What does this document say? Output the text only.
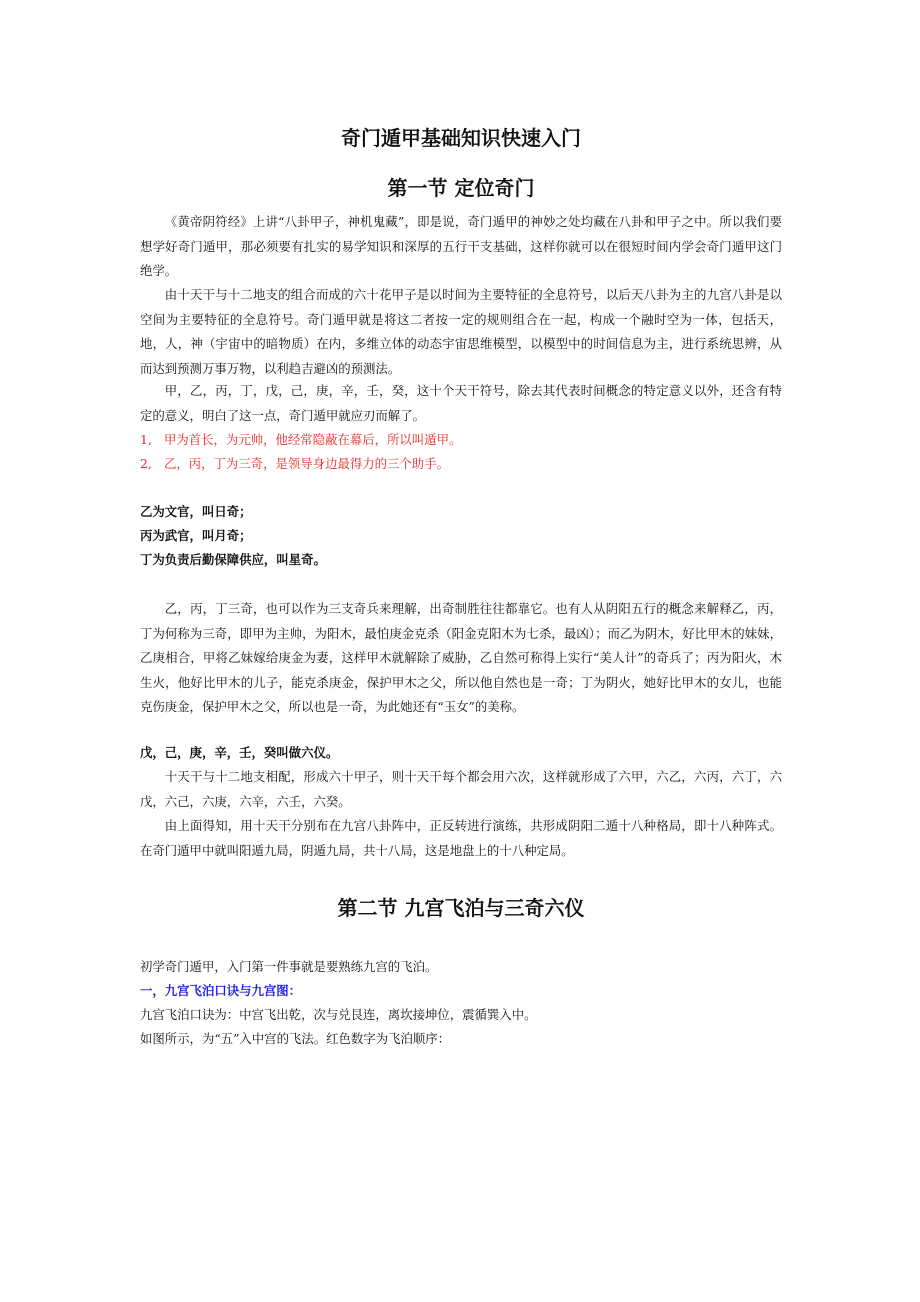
奇门遁甲基础知识快速入门
第一节 定位奇门

《黄帝阴符经》上讲“八卦甲子，神机鬼藏”，即是说，奇门遁甲的神妙之处均藏在八卦和甲子之中。所以我们要想学好奇门遁甲，那必须要有扎实的易学知识和深厚的五行干支基础，这样你就可以在很短时间内学会奇门遁甲这门绝学。

由十天干与十二地支的组合而成的六十花甲子是以时间为主要特征的全息符号，以后天八卦为主的九宫八卦是以空间为主要特征的全息符号。奇门遁甲就是将这二者按一定的规则组合在一起，构成一个融时空为一体，包括天，地，人，神（宇宙中的暗物质）在内，多维立体的动态宇宙思维模型，以模型中的时间信息为主，进行系统思辨，从而达到预测万事万物，以利趋吉避凶的预测法。

甲，乙，丙，丁，戊，己，庚，辛，壬，癸，这十个天干符号，除去其代表时间概念的特定意义以外，还含有特定的意义，明白了这一点，奇门遁甲就应刃而解了。

1, 甲为首长，为元帅，他经常隐蔽在幕后，所以叫遁甲。
2, 乙，丙，丁为三奇，是领导身边最得力的三个助手。
乙为文官，叫日奇；
丙为武官，叫月奇；
丁为负责后勤保障供应，叫星奇。

乙，丙，丁三奇，也可以作为三支奇兵来理解，出奇制胜往往都靠它。也有人从阴阳五行的概念来解释乙，丙，丁为何称为三奇，即甲为主帅，为阳木，最怕庚金克杀（阳金克阳木为七杀，最凶）；而乙为阴木，好比甲木的妹妹，乙庚相合，甲将乙妹嫁给庚金为妻，这样甲木就解除了威胁，乙自然可称得上实行“美人计”的奇兵了；丙为阳火，木生火，他好比甲木的儿子，能克杀庚金，保护甲木之父，所以他自然也是一奇；丁为阴火，她好比甲木的女儿，也能克伤庚金，保护甲木之父，所以也是一奇，为此她还有“玉女”的美称。

戊，己，庚，辛，壬，癸叫做六仪。

十天干与十二地支相配，形成六十甲子，则十天干每个都会用六次，这样就形成了六甲，六乙，六丙，六丁，六戊，六己，六庚，六辛，六壬，六癸。

由上面得知，用十天干分别布在九宫八卦阵中，正反转进行演练，共形成阴阳二遁十八种格局，即十八种阵式。在奇门遁甲中就叫阳遁九局，阴遁九局，共十八局，这是地盘上的十八种定局。

第二节 九宫飞泊与三奇六仪
初学奇门遁甲，入门第一件事就是要熟练九宫的飞泊。
一，九宫飞泊口诀与九宫图：
九宫飞泊口诀为：中宫飞出乾，次与兑艮连，离坎接坤位，震循巽入中。
如图所示，为“五”入中宫的飞法。红色数字为飞泊顺序：
